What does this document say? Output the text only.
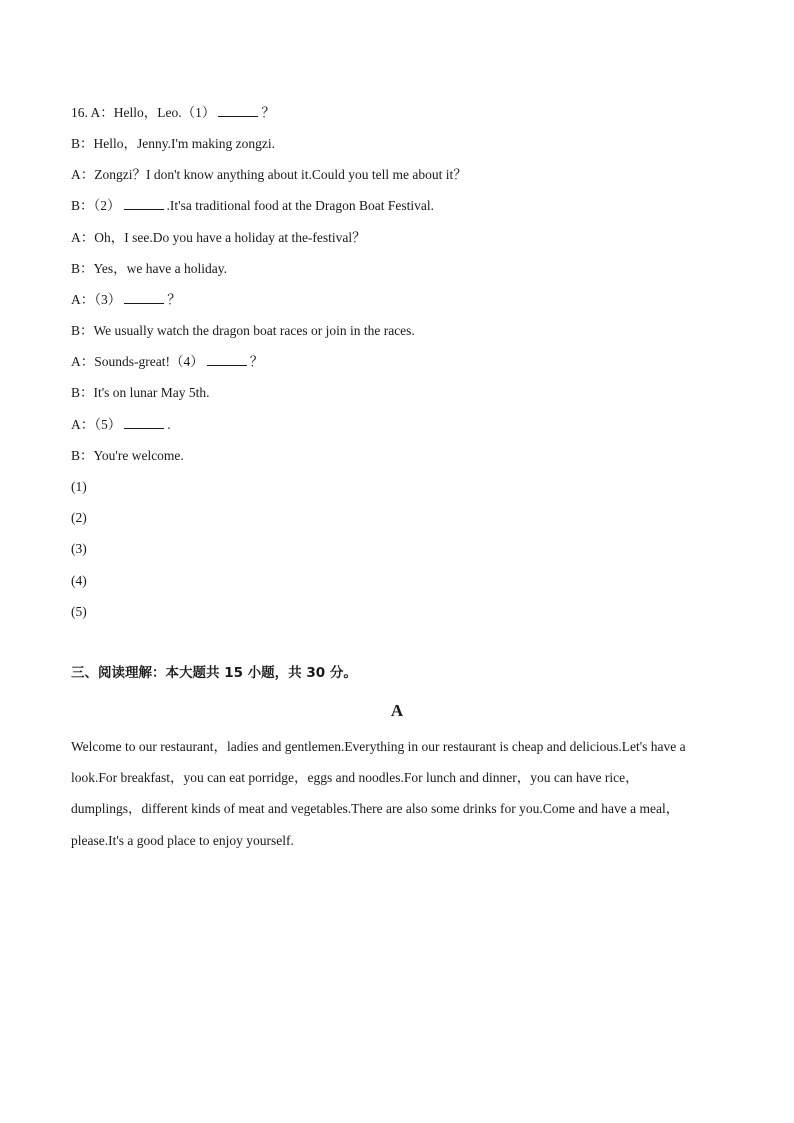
16. A：Hello，Leo.（1）	？
B：Hello，Jenny.I'm making zongzi.
A：Zongzi？I don't know anything about it.Could you tell me about it？
B：（2）	.It'sa traditional food at the Dragon Boat Festival.
A：Oh，I see.Do you have a holiday at the-festival？
B：Yes，we have a holiday.
A：（3）	？
B：We usually watch the dragon boat races or join in the races.
A：Sounds-great!（4）	？
B：It's on lunar May 5th.
A：（5）	.
B：You're welcome.
(1)
(2)
(3)
(4)
(5)
三、阅读理解：本大题共 15 小题，共 30 分。
A
Welcome to our restaurant，ladies and gentlemen.Everything in our restaurant is cheap and delicious.Let's have a
look.For breakfast，you can eat porridge，eggs and noodles.For lunch and dinner，you can have rice，
dumplings，different kinds of meat and vegetables.There are also some drinks for you.Come and have a meal，
please.It's a good place to enjoy yourself.
